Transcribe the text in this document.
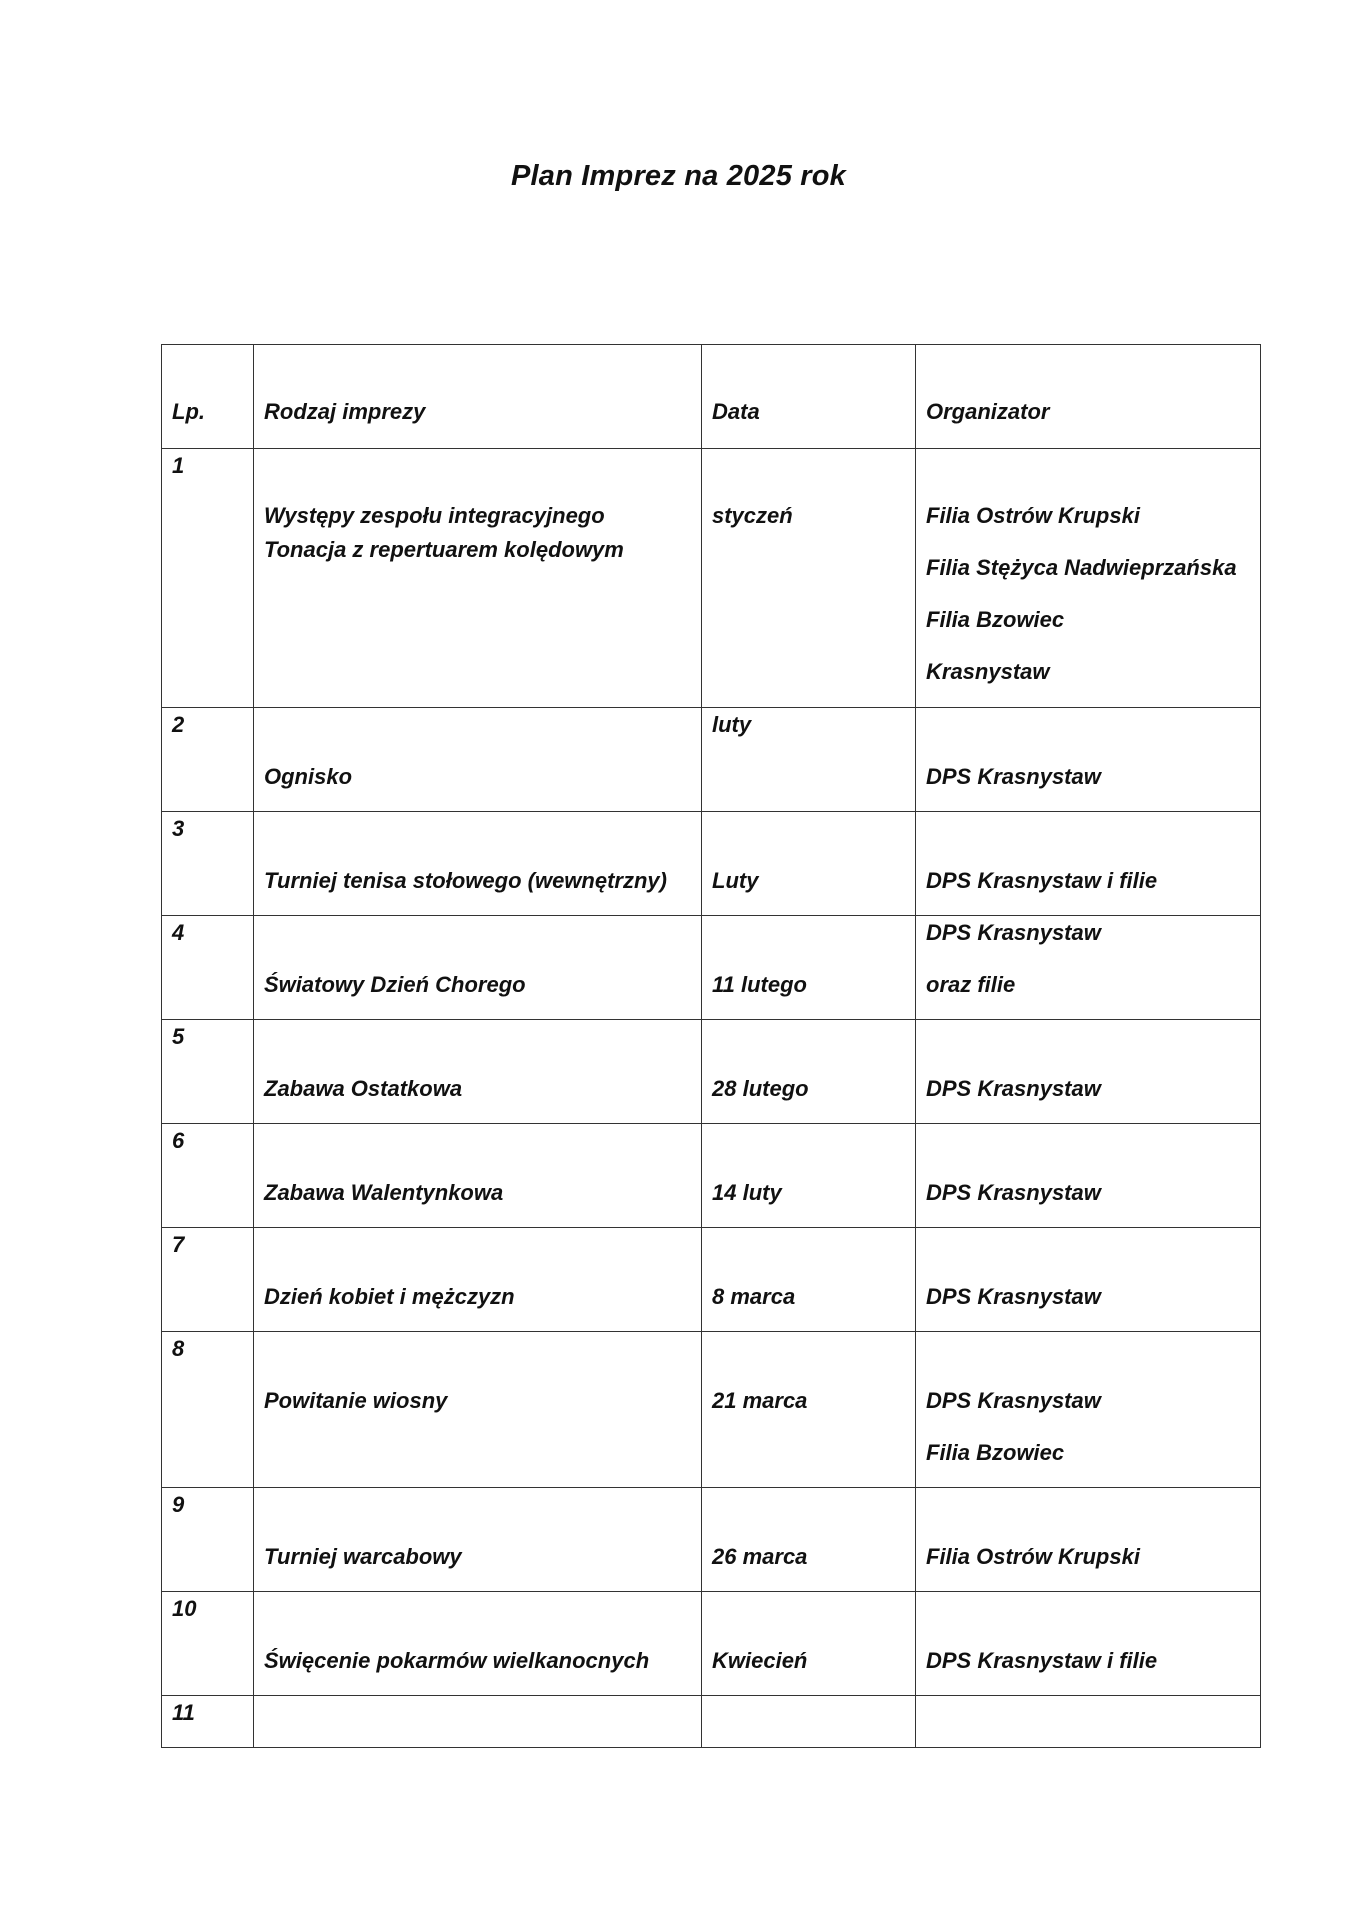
Plan Imprez na 2025 rok
Lp.	Rodzaj imprezy	Data	Organizator

1	Występy zespołu integracyjnego Tonacja z repertuarem kolędowym	styczeń	Filia Ostrów Krupski
Filia Stężyca Nadwieprzańska
Filia Bzowiec
Krasnystaw

2	Ognisko	luty	DPS Krasnystaw

3	Turniej tenisa stołowego (wewnętrzny)	Luty	DPS Krasnystaw i filie

4	Światowy Dzień Chorego	11 lutego	DPS Krasnystaw
oraz filie

5	Zabawa Ostatkowa	28 lutego	DPS Krasnystaw

6	Zabawa Walentynkowa	14 luty	DPS Krasnystaw

7	Dzień kobiet i mężczyzn	8 marca	DPS Krasnystaw

8	Powitanie wiosny	21 marca	DPS Krasnystaw
Filia Bzowiec

9	Turniej warcabowy	26 marca	Filia Ostrów Krupski

10	Święcenie pokarmów wielkanocnych	Kwiecień	DPS Krasnystaw i filie

11			
